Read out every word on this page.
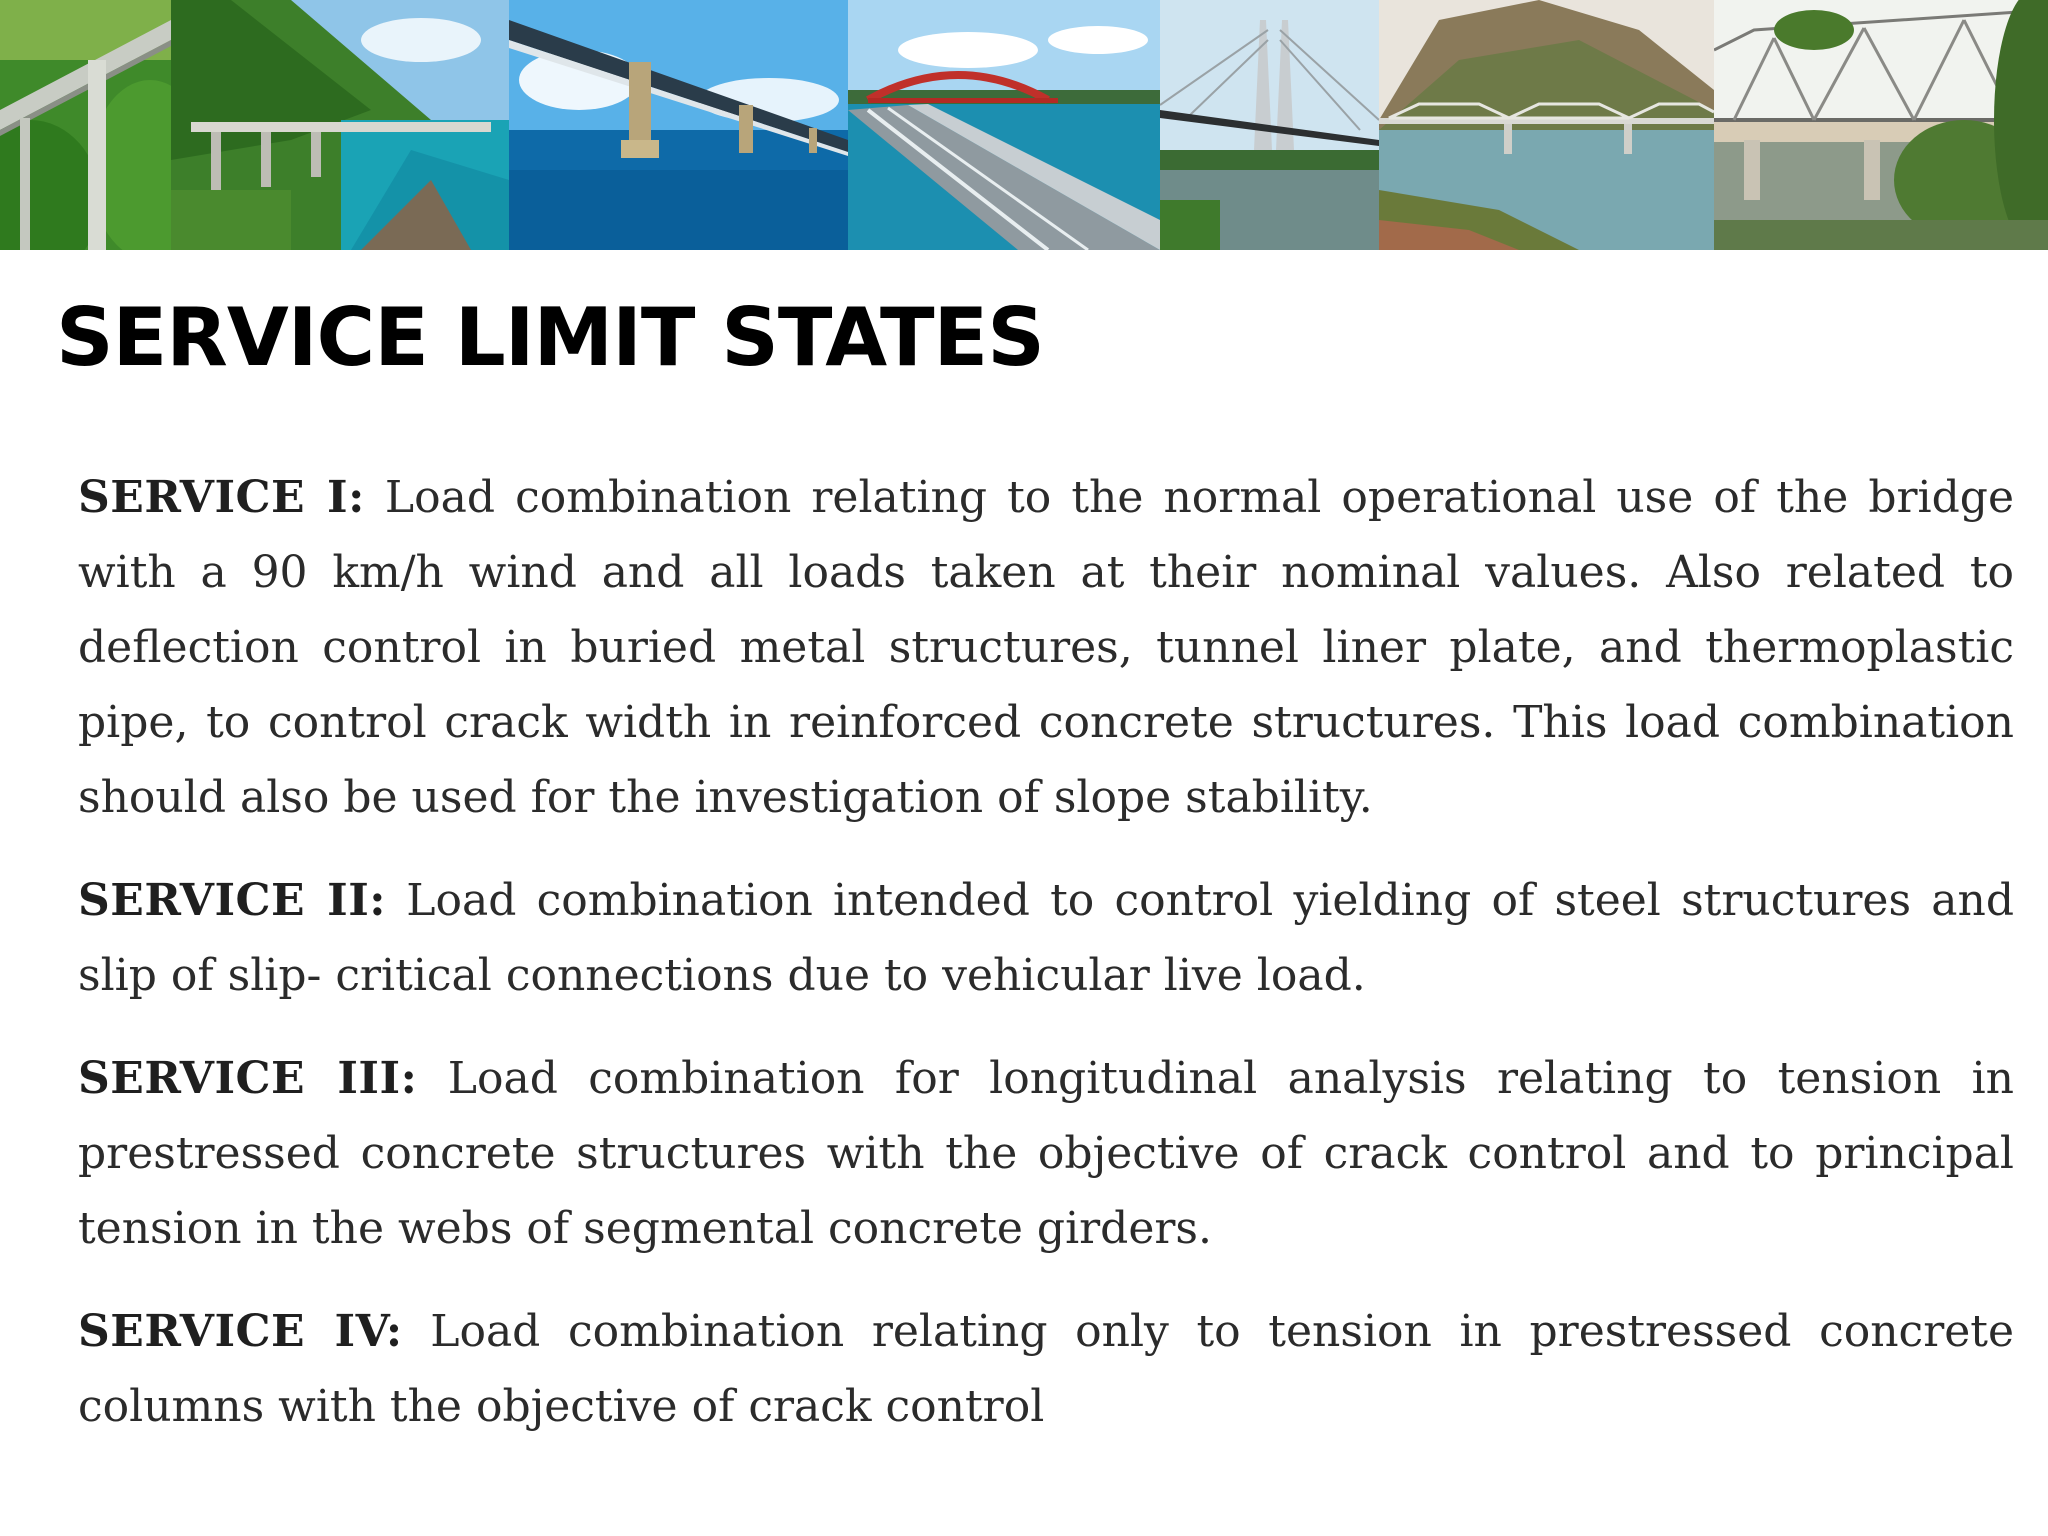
SERVICE LIMIT STATES

SERVICE I: Load combination relating to the normal operational use of the bridge with a 90 km/h wind and all loads taken at their nominal values. Also related to deflection control in buried metal structures, tunnel liner plate, and thermoplastic pipe, to control crack width in reinforced concrete structures. This load combination should also be used for the investigation of slope stability.

SERVICE II: Load combination intended to control yielding of steel structures and slip of slip- critical connections due to vehicular live load.

SERVICE III: Load combination for longitudinal analysis relating to tension in prestressed concrete structures with the objective of crack control and to principal tension in the webs of segmental concrete girders.

SERVICE IV: Load combination relating only to tension in prestressed concrete columns with the objective of crack control
